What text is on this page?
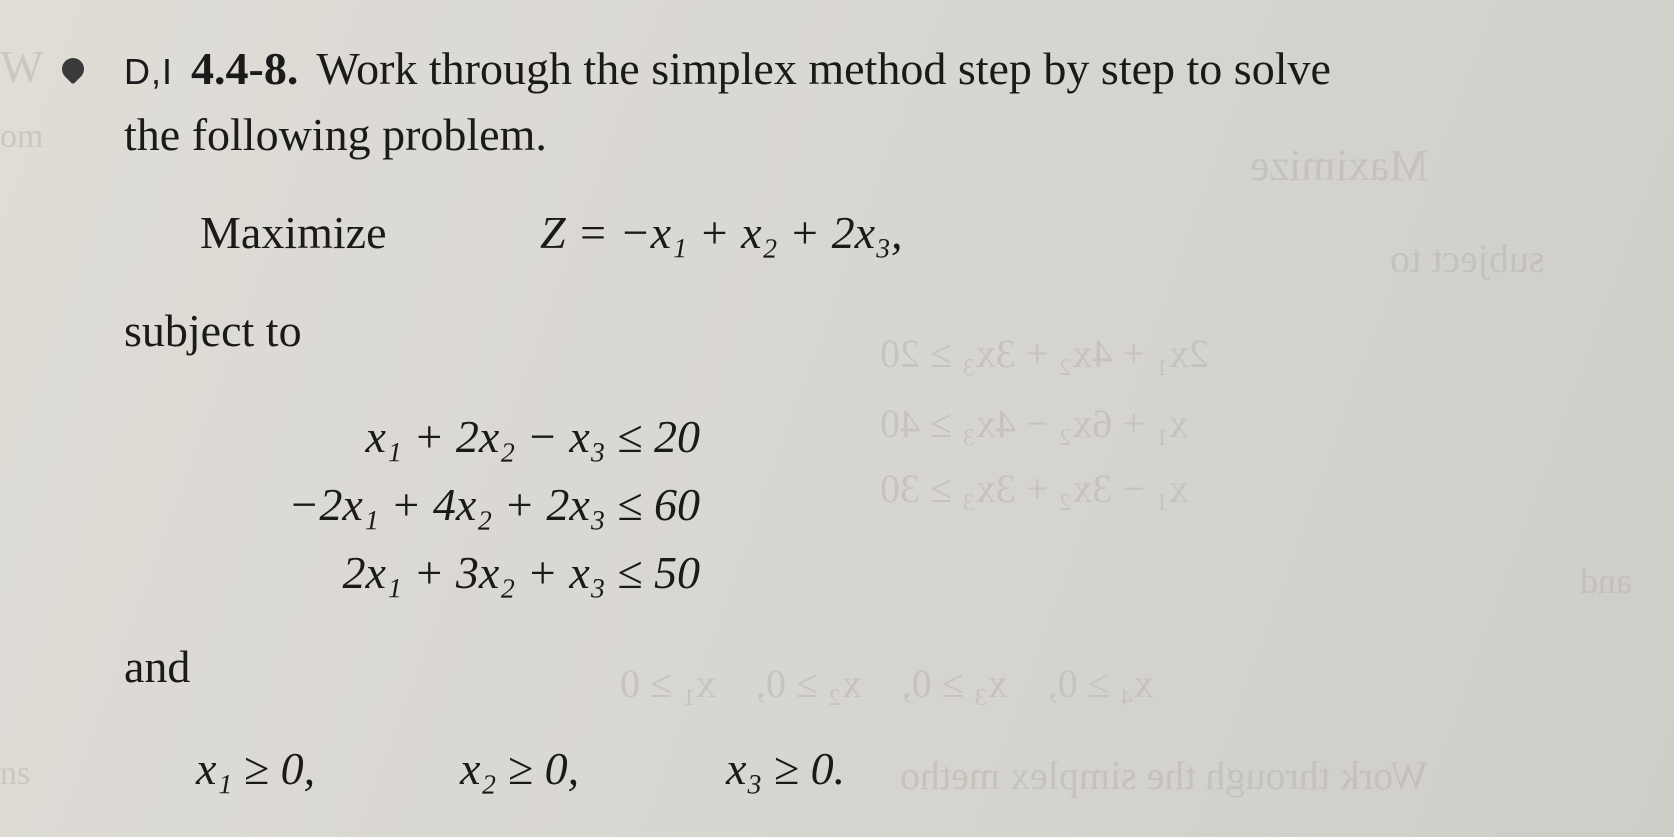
W
om
Maximize
subject to
2x₁ + 4x₂ + 3x₃ ≥ 20
x₁ + 6x₂ − 4x₃ ≥ 40
x₁ − 3x₂ + 3x₃ ≥ 30
and
x₄ ≥ 0,    x₃ ≥ 0,    x₂ ≥ 0,    x₁ ≥ 0
Work through the simplex metho
ns
D,I 4.4-8. Work through the simplex method step by step to solve
the following problem.
Maximize	Z = −x₁ + x₂ + 2x₃,
subject to
x₁ + 2x₂ − x₃ ≤ 20
−2x₁ + 4x₂ + 2x₃ ≤ 60
2x₁ + 3x₂ + x₃ ≤ 50
and
x₁ ≥ 0,	x₂ ≥ 0,	x₃ ≥ 0.
